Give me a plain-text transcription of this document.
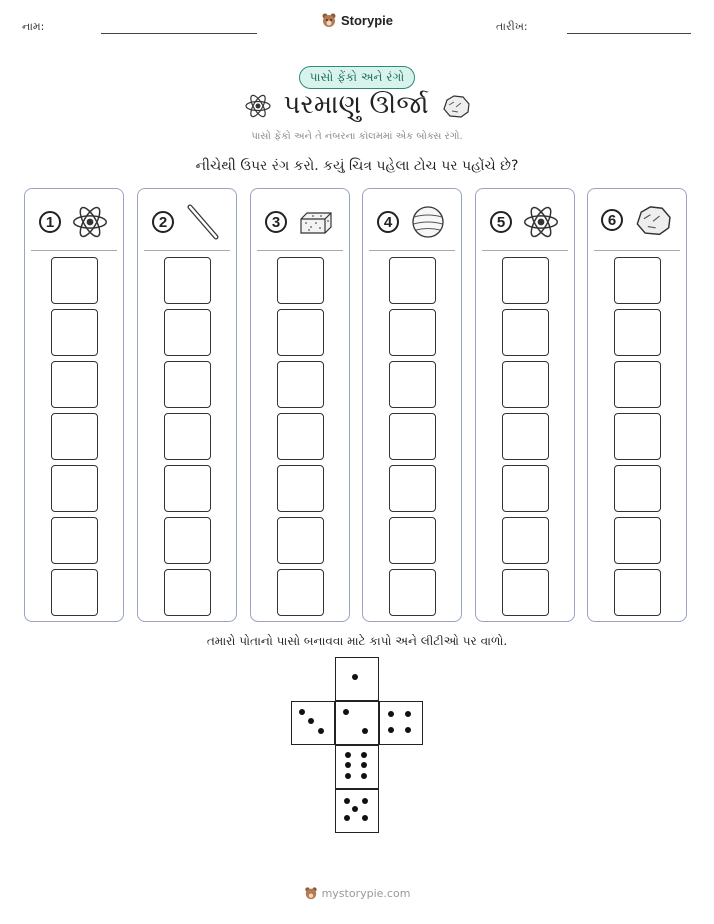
નામ:	Storypie	તારીખ:
પાસો ફેંકો અને રંગો
પરમાણુ ઊર્જા
પાસો ફેંકો અને તે નંબરના કૉલમમાં એક બોક્સ રંગો.
નીચેથી ઉપર રંગ કરો. કયું ચિત્ર પહેલા ટોચ પર પહોંચે છે?
1	2	3	4	5	6
તમારો પોતાનો પાસો બનાવવા માટે કાપો અને લીટીઓ પર વાળો.
mystorypie.com
